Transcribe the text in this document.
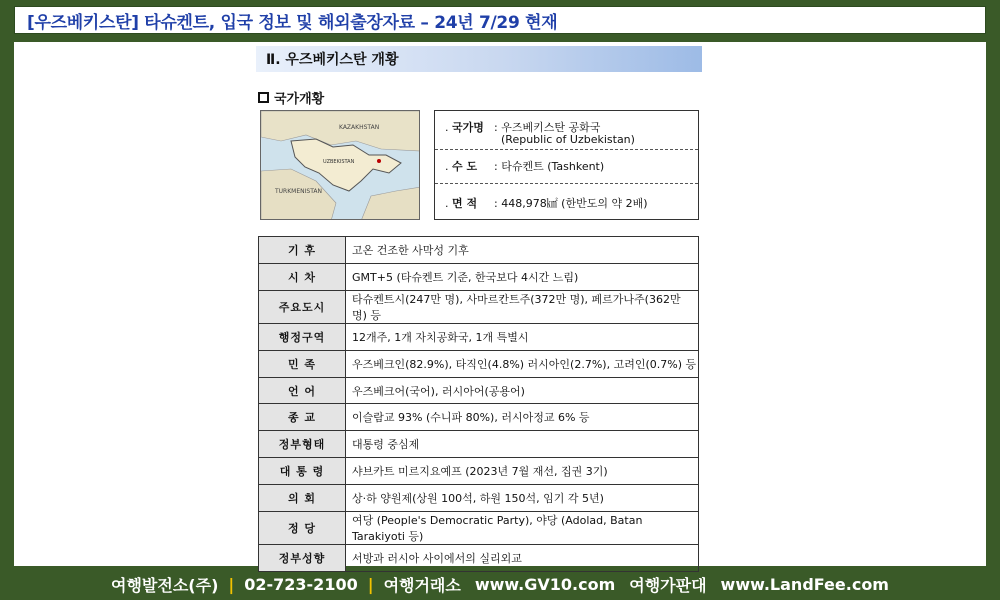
[우즈베키스탄] 타슈켄트, 입국 정보 및 해외출장자료 – 24년 7/29 현재
Ⅱ. 우즈베키스탄 개황
국가개황
KAZAKHSTAN
TURKMENISTAN
UZBEKISTAN
. 국가명 : 우즈베키스탄 공화국
(Republic of Uzbekistan)
. 수 도 : 타슈켄트 (Tashkent)
. 면 적 : 448,978㎢ (한반도의 약 2배)
기 후	고온 건조한 사막성 기후
시 차	GMT+5 (타슈켄트 기준, 한국보다 4시간 느림)
주요도시	타슈켄트시(247만 명), 사마르칸트주(372만 명), 페르가나주(362만 명) 등
행정구역	12개주, 1개 자치공화국, 1개 특별시
민 족	우즈베크인(82.9%), 타직인(4.8%) 러시아인(2.7%), 고려인(0.7%) 등
언 어	우즈베크어(국어), 러시아어(공용어)
종 교	이슬람교 93% (수니파 80%), 러시아정교 6% 등
정부형태	대통령 중심제
대 통 령	샤브카트 미르지요예프 (2023년 7월 재선, 집권 3기)
의 회	상·하 양원제(상원 100석, 하원 150석, 임기 각 5년)
정 당	여당 (People's Democratic Party), 야당 (Adolad, Batan Tarakiyoti 등)
정부성향	서방과 러시아 사이에서의 실리외교
여행발전소(주) | 02-723-2100 | 여행거래소 www.GV10.com 여행가판대 www.LandFee.com
